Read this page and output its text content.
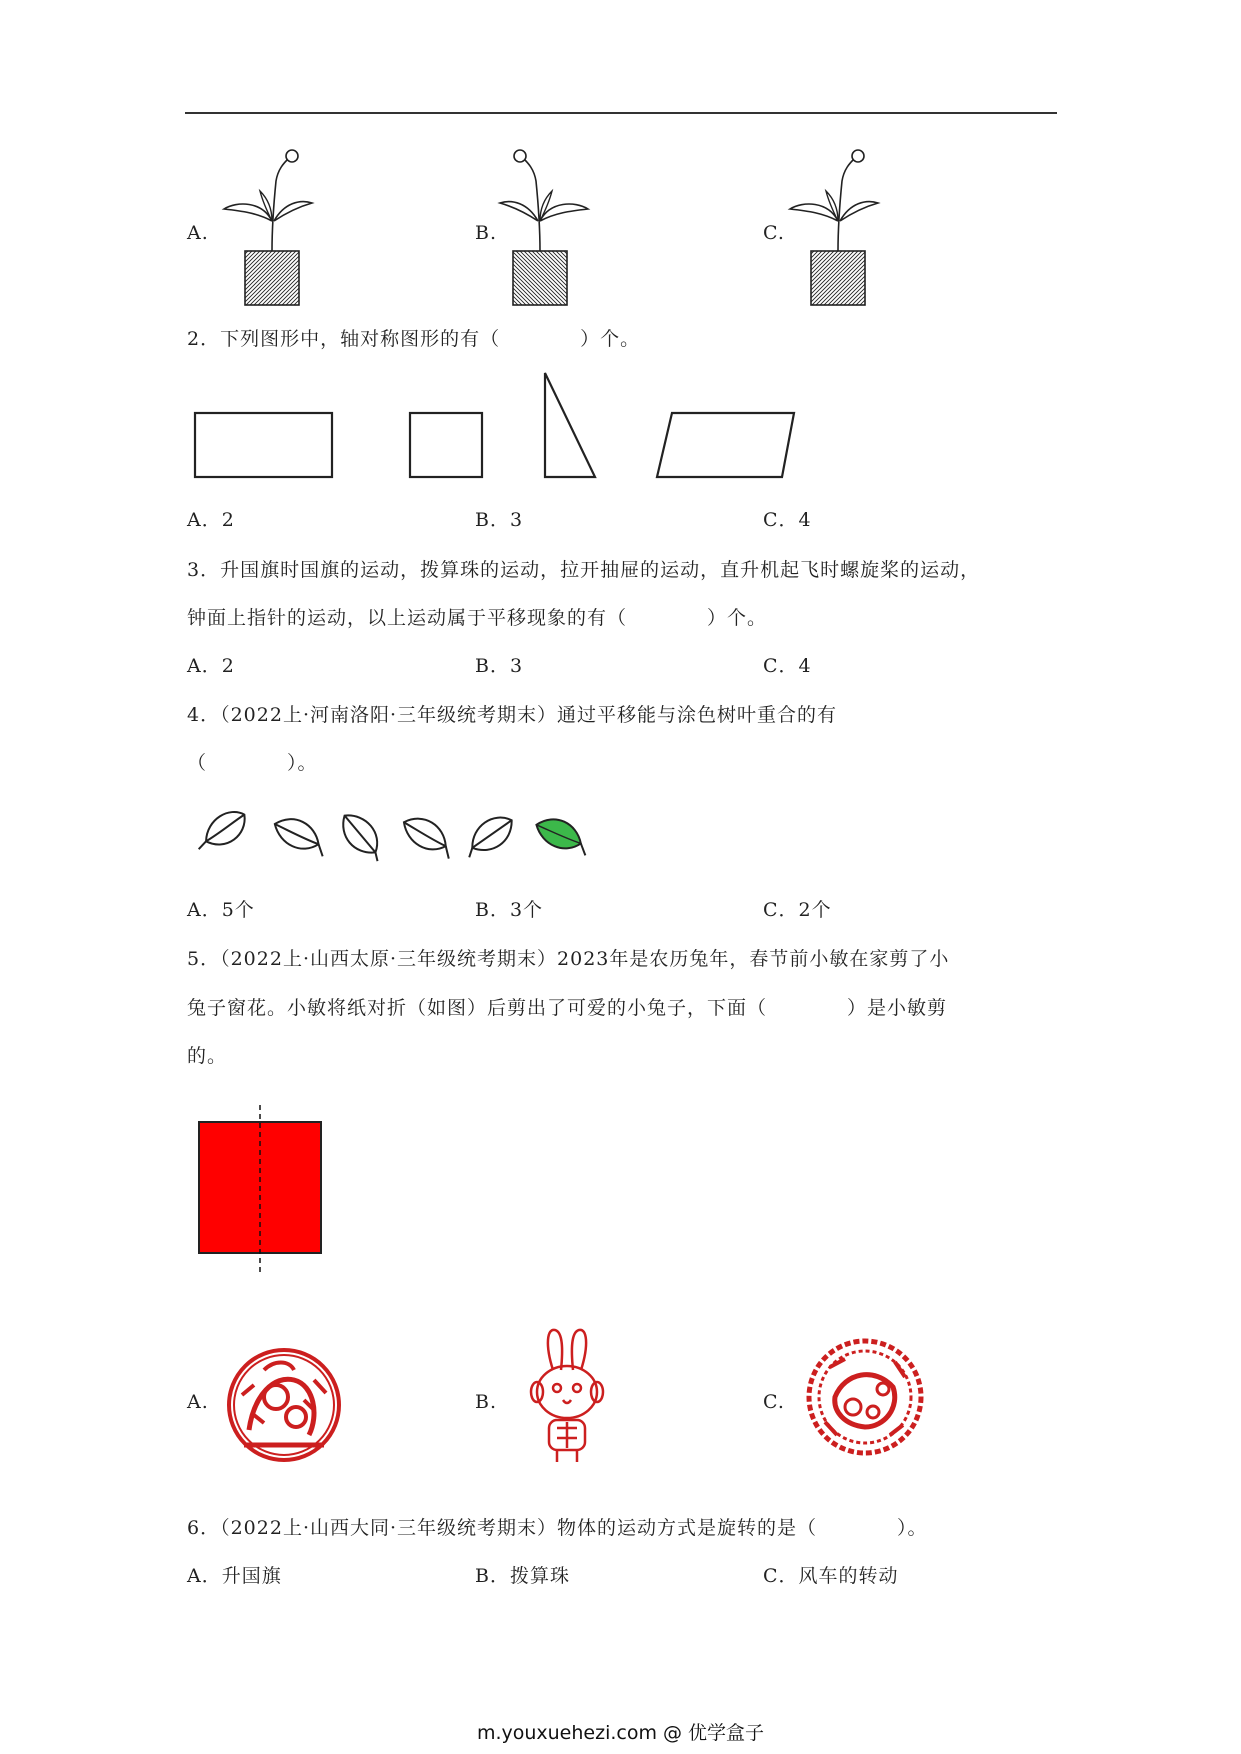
A.	B.	C.
2．下列图形中，轴对称图形的有（　　　　）个。
A．2	B．3	C．4
3．升国旗时国旗的运动，拨算珠的运动，拉开抽屉的运动，直升机起飞时螺旋桨的运动，
钟面上指针的运动，以上运动属于平移现象的有（　　　　）个。
A．2	B．3	C．4
4．（2022上·河南洛阳·三年级统考期末）通过平移能与涂色树叶重合的有
（　　　　）。
A．5个	B．3个	C．2个
5．（2022上·山西太原·三年级统考期末）2023年是农历兔年，春节前小敏在家剪了小
兔子窗花。小敏将纸对折（如图）后剪出了可爱的小兔子，下面（　　　　）是小敏剪
的。
A.	B.	C.
6．（2022上·山西大同·三年级统考期末）物体的运动方式是旋转的是（　　　　）。
A．升国旗	B．拨算珠	C．风车的转动
m.youxuehezi.com @ 优学盒子
